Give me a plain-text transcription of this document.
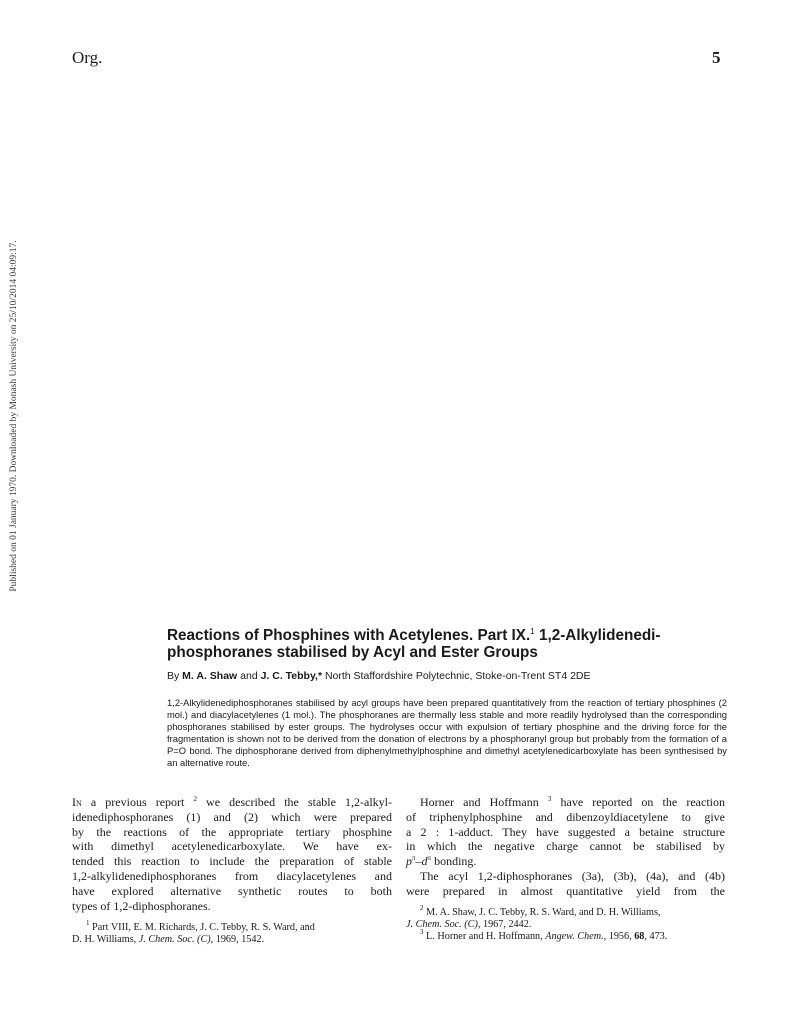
Org.	5
Published on 01 January 1970. Downloaded by Monash University on 25/10/2014 04:09:17.
Reactions of Phosphines with Acetylenes. Part IX.$^1$ 1,2-Alkylidenedi-phosphoranes stabilised by Acyl and Ester Groups
By M. A. Shaw and J. C. Tebby,* North Staffordshire Polytechnic, Stoke-on-Trent ST4 2DE
1,2-Alkylidenediphosphoranes stabilised by acyl groups have been prepared quantitatively from the reaction of tertiary phosphines (2 mol.) and diacylacetylenes (1 mol.). The phosphoranes are thermally less stable and more readily hydrolysed than the corresponding phosphoranes stabilised by ester groups. The hydrolyses occur with expulsion of tertiary phosphine and the driving force for the fragmentation is shown not to be derived from the donation of electrons by a phosphoranyl group but probably from the formation of a P=O bond. The diphosphorane derived from diphenylmethylphosphine and dimethyl acetylenedicarboxylate has been synthesised by an alternative route.
In a previous report $^2$ we described the stable 1,2-alkyl-
idenediphosphoranes (1) and (2) which were prepared
by the reactions of the appropriate tertiary phosphine
with dimethyl acetylenedicarboxylate. We have ex-
tended this reaction to include the preparation of stable
1,2-alkylidenediphosphoranes from diacylacetylenes and
have explored alternative synthetic routes to both
types of 1,2-diphosphoranes.
Horner and Hoffmann $^3$ have reported on the reaction
of triphenylphosphine and dibenzoyldiacetylene to give
a 2 : 1-adduct. They have suggested a betaine structure
in which the negative charge cannot be stabilised by
$p^\pi-d^\pi$ bonding.
The acyl 1,2-diphosphoranes (3a), (3b), (4a), and (4b)
were prepared in almost quantitative yield from the
$^1$ Part VIII, E. M. Richards, J. C. Tebby, R. S. Ward, and
D. H. Williams, J. Chem. Soc. (C), 1969, 1542.
$^2$ M. A. Shaw, J. C. Tebby, R. S. Ward, and D. H. Williams,
J. Chem. Soc. (C), 1967, 2442.
$^3$ L. Horner and H. Hoffmann, Angew. Chem., 1956, 68, 473.
